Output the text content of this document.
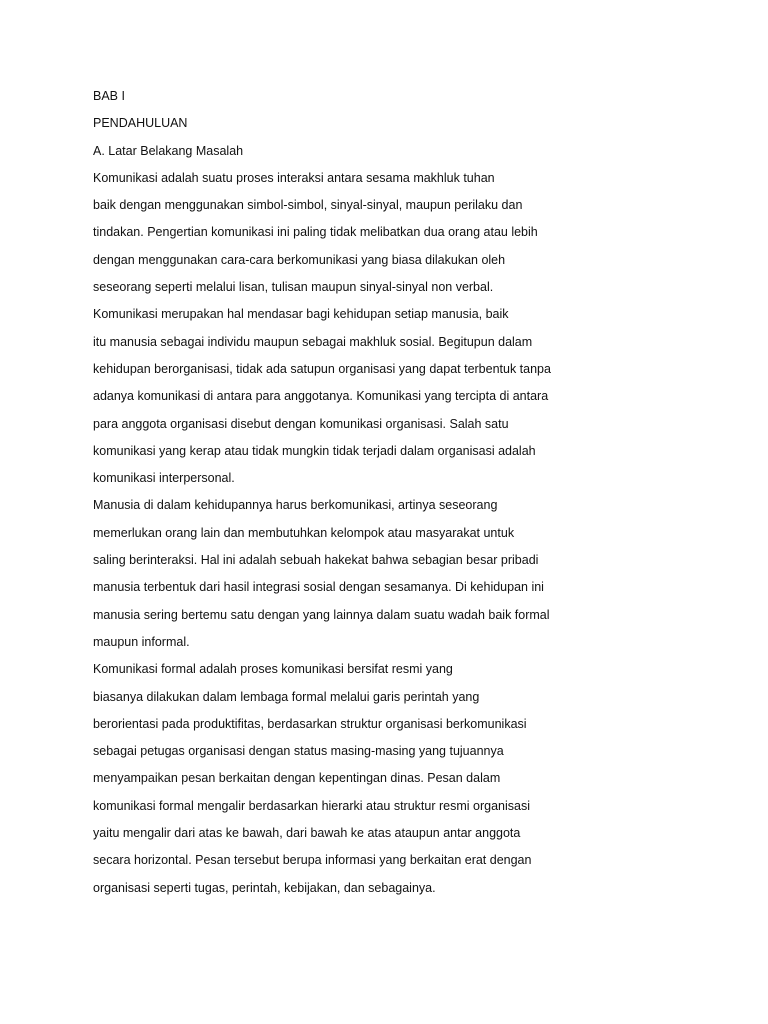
BAB I
PENDAHULUAN
A. Latar Belakang Masalah
Komunikasi adalah suatu proses interaksi antara sesama makhluk tuhan
baik dengan menggunakan simbol-simbol, sinyal-sinyal, maupun perilaku dan
tindakan. Pengertian komunikasi ini paling tidak melibatkan dua orang atau lebih
dengan menggunakan cara-cara berkomunikasi yang biasa dilakukan oleh
seseorang seperti melalui lisan, tulisan maupun sinyal-sinyal non verbal.
Komunikasi merupakan hal mendasar bagi kehidupan setiap manusia, baik
itu manusia sebagai individu maupun sebagai makhluk sosial. Begitupun dalam
kehidupan berorganisasi, tidak ada satupun organisasi yang dapat terbentuk tanpa
adanya komunikasi di antara para anggotanya. Komunikasi yang tercipta di antara
para anggota organisasi disebut dengan komunikasi organisasi. Salah satu
komunikasi yang kerap atau tidak mungkin tidak terjadi dalam organisasi adalah
komunikasi interpersonal.
Manusia di dalam kehidupannya harus berkomunikasi, artinya seseorang
memerlukan orang lain dan membutuhkan kelompok atau masyarakat untuk
saling berinteraksi. Hal ini adalah sebuah hakekat bahwa sebagian besar pribadi
manusia terbentuk dari hasil integrasi sosial dengan sesamanya. Di kehidupan ini
manusia sering bertemu satu dengan yang lainnya dalam suatu wadah baik formal
maupun informal.
Komunikasi formal adalah proses komunikasi bersifat resmi yang
biasanya dilakukan dalam lembaga formal melalui garis perintah yang
berorientasi pada produktifitas, berdasarkan struktur organisasi berkomunikasi
sebagai petugas organisasi dengan status masing-masing yang tujuannya
menyampaikan pesan berkaitan dengan kepentingan dinas. Pesan dalam
komunikasi formal mengalir berdasarkan hierarki atau struktur resmi organisasi
yaitu mengalir dari atas ke bawah, dari bawah ke atas ataupun antar anggota
secara horizontal. Pesan tersebut berupa informasi yang berkaitan erat dengan
organisasi seperti tugas, perintah, kebijakan, dan sebagainya.
